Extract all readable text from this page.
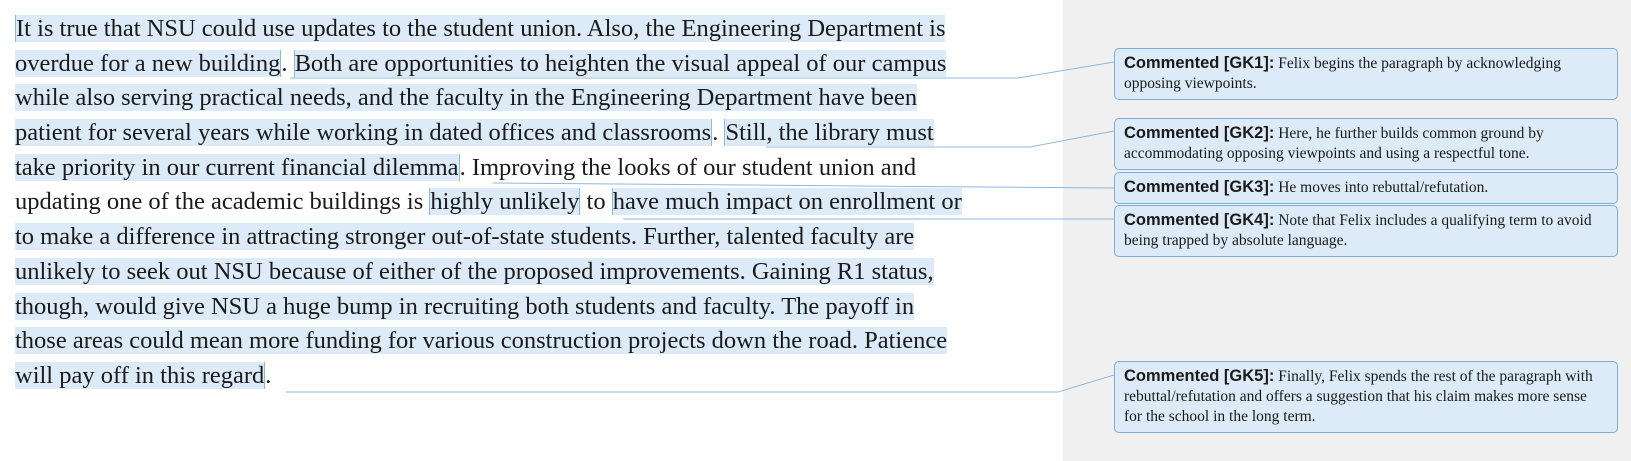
It is true that NSU could use updates to the student union. Also, the Engineering Department is
overdue for a new building. Both are opportunities to heighten the visual appeal of our campus
while also serving practical needs, and the faculty in the Engineering Department have been
patient for several years while working in dated offices and classrooms. Still, the library must
take priority in our current financial dilemma. Improving the looks of our student union and
updating one of the academic buildings is highly unlikely to have much impact on enrollment or
to make a difference in attracting stronger out-of-state students. Further, talented faculty are
unlikely to seek out NSU because of either of the proposed improvements. Gaining R1 status,
though, would give NSU a huge bump in recruiting both students and faculty. The payoff in
those areas could mean more funding for various construction projects down the road. Patience
will pay off in this regard.
Commented [GK1]: Felix begins the paragraph by acknowledging opposing viewpoints.
Commented [GK2]: Here, he further builds common ground by accommodating opposing viewpoints and using a respectful tone.
Commented [GK3]: He moves into rebuttal/refutation.
Commented [GK4]: Note that Felix includes a qualifying term to avoid being trapped by absolute language.
Commented [GK5]: Finally, Felix spends the rest of the paragraph with rebuttal/refutation and offers a suggestion that his claim makes more sense for the school in the long term.
